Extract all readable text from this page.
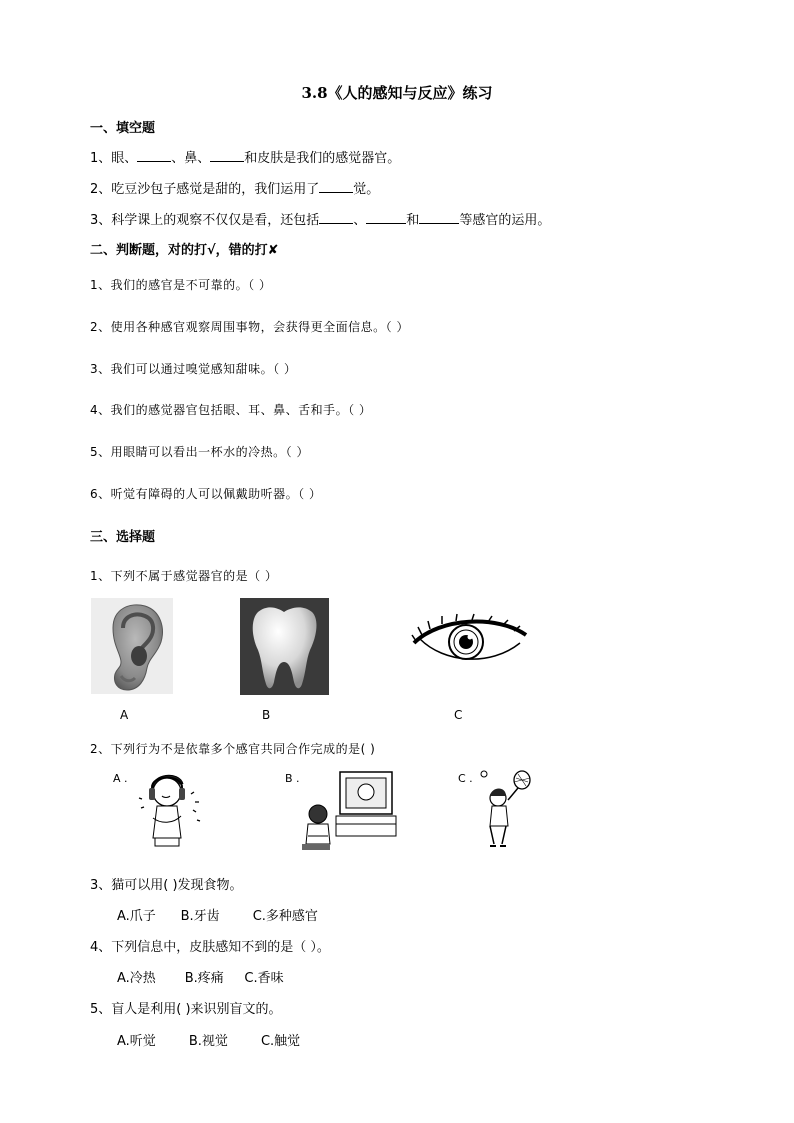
3.8《人的感知与反应》练习
一、填空题
1、眼、	、鼻、	和皮肤是我们的感觉器官。
2、吃豆沙包子感觉是甜的，我们运用了	觉。
3、科学课上的观察不仅仅是看，还包括	、	和	等感官的运用。
二、判断题，对的打√，错的打✘
1、我们的感官是不可靠的。（ ）
2、使用各种感官观察周围事物，会获得更全面信息。（ ）
3、我们可以通过嗅觉感知甜味。（ ）
4、我们的感觉器官包括眼、耳、鼻、舌和手。（ ）
5、用眼睛可以看出一杯水的冷热。（ ）
6、听觉有障碍的人可以佩戴助听器。（ ）
三、选择题
1、下列不属于感觉器官的是（ ）
A	B	C
2、下列行为不是依靠多个感官共同合作完成的是( )
A .	B .	C .
3、猫可以用( )发现食物。
A.爪子      B.牙齿        C.多种感官
4、下列信息中，皮肤感知不到的是（ ）。
A.冷热       B.疼痛     C.香味
5、盲人是利用( )来识别盲文的。
A.听觉        B.视觉        C.触觉
